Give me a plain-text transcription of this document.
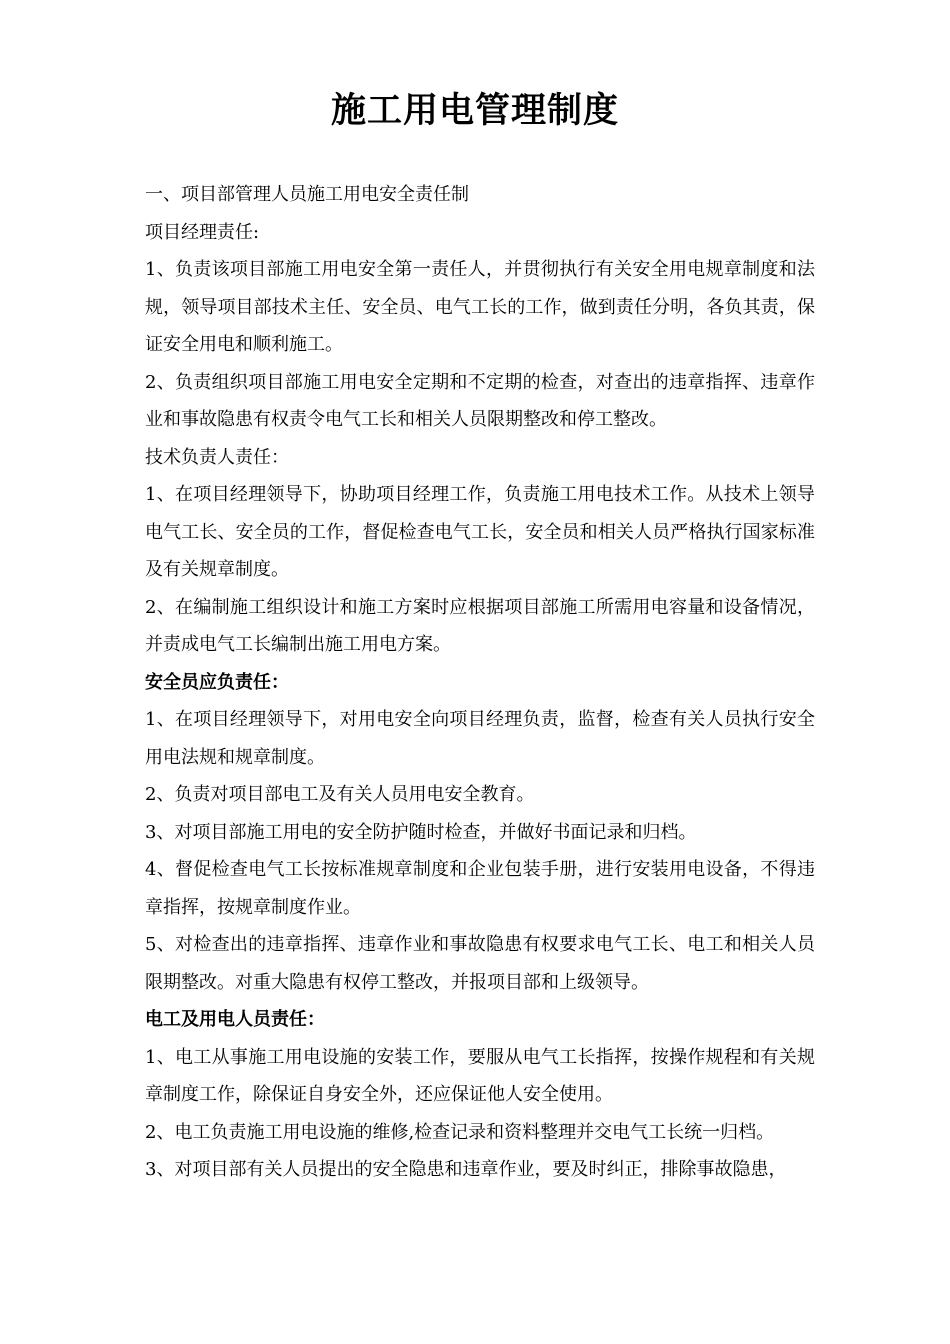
施工用电管理制度

一、项目部管理人员施工用电安全责任制

项目经理责任:

1、负责该项目部施工用电安全第一责任人，并贯彻执行有关安全用电规章制度和法规，领导项目部技术主任、安全员、电气工长的工作，做到责任分明，各负其责，保证安全用电和顺利施工。

2、负责组织项目部施工用电安全定期和不定期的检查，对查出的违章指挥、违章作业和事故隐患有权责令电气工长和相关人员限期整改和停工整改。

技术负责人责任：

1、在项目经理领导下，协助项目经理工作，负责施工用电技术工作。从技术上领导电气工长、安全员的工作，督促检查电气工长，安全员和相关人员严格执行国家标准及有关规章制度。

2、在编制施工组织设计和施工方案时应根据项目部施工所需用电容量和设备情况，并责成电气工长编制出施工用电方案。

安全员应负责任：

1、在项目经理领导下，对用电安全向项目经理负责，监督，检查有关人员执行安全用电法规和规章制度。

2、负责对项目部电工及有关人员用电安全教育。

3、对项目部施工用电的安全防护随时检查，并做好书面记录和归档。

4、督促检查电气工长按标准规章制度和企业包装手册，进行安装用电设备，不得违章指挥，按规章制度作业。

5、对检查出的违章指挥、违章作业和事故隐患有权要求电气工长、电工和相关人员限期整改。对重大隐患有权停工整改，并报项目部和上级领导。

电工及用电人员责任：

1、电工从事施工用电设施的安装工作，要服从电气工长指挥，按操作规程和有关规章制度工作，除保证自身安全外，还应保证他人安全使用。

2、电工负责施工用电设施的维修,检查记录和资料整理并交电气工长统一归档。

3、对项目部有关人员提出的安全隐患和违章作业，要及时纠正，排除事故隐患，
